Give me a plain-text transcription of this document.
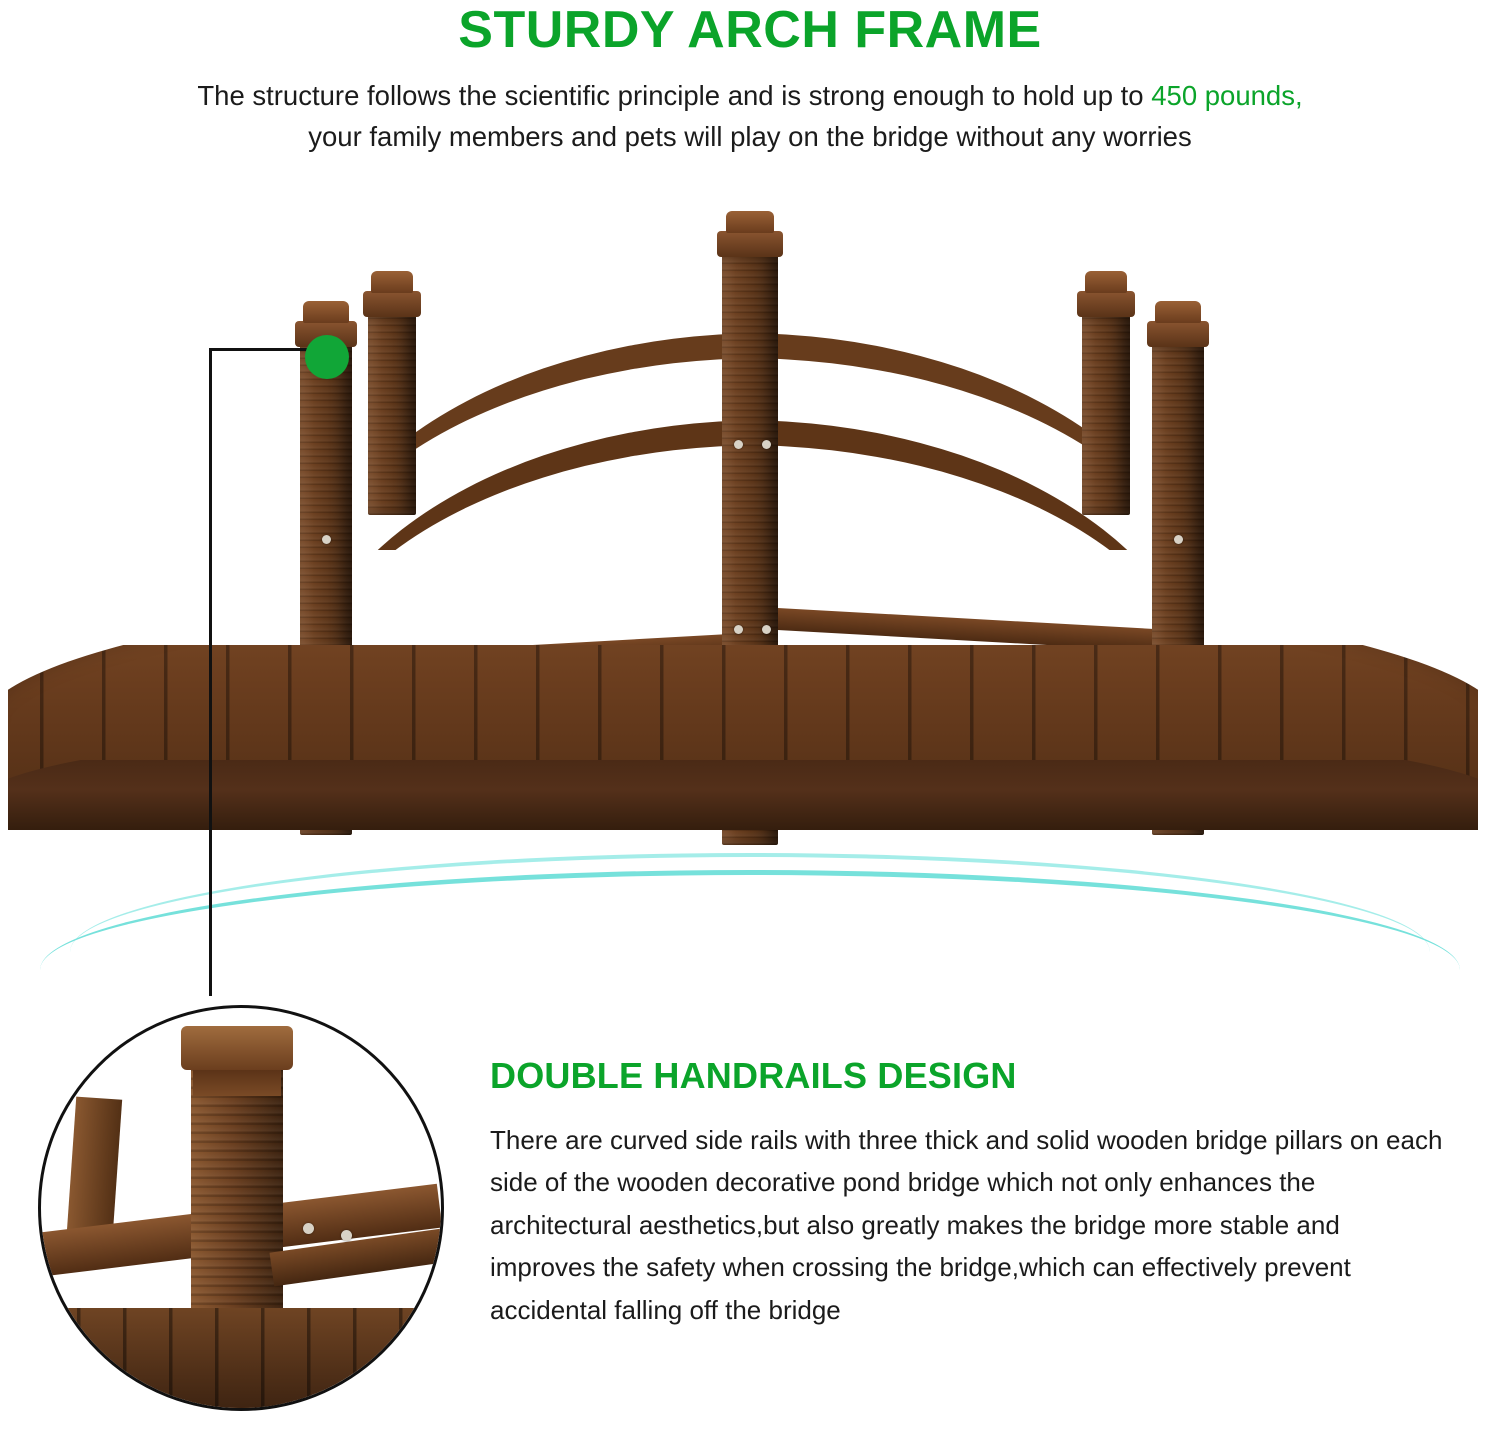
STURDY ARCH FRAME

The structure follows the scientific principle and is strong enough to hold up to 450 pounds,
your family members and pets will play on the bridge without any worries

DOUBLE HANDRAILS DESIGN

There are curved side rails with three thick and solid wooden bridge pillars on each side of the wooden decorative pond bridge which not only enhances the architectural aesthetics,but also greatly makes the bridge more stable and improves the safety when crossing the bridge,which can effectively prevent accidental falling off the bridge
